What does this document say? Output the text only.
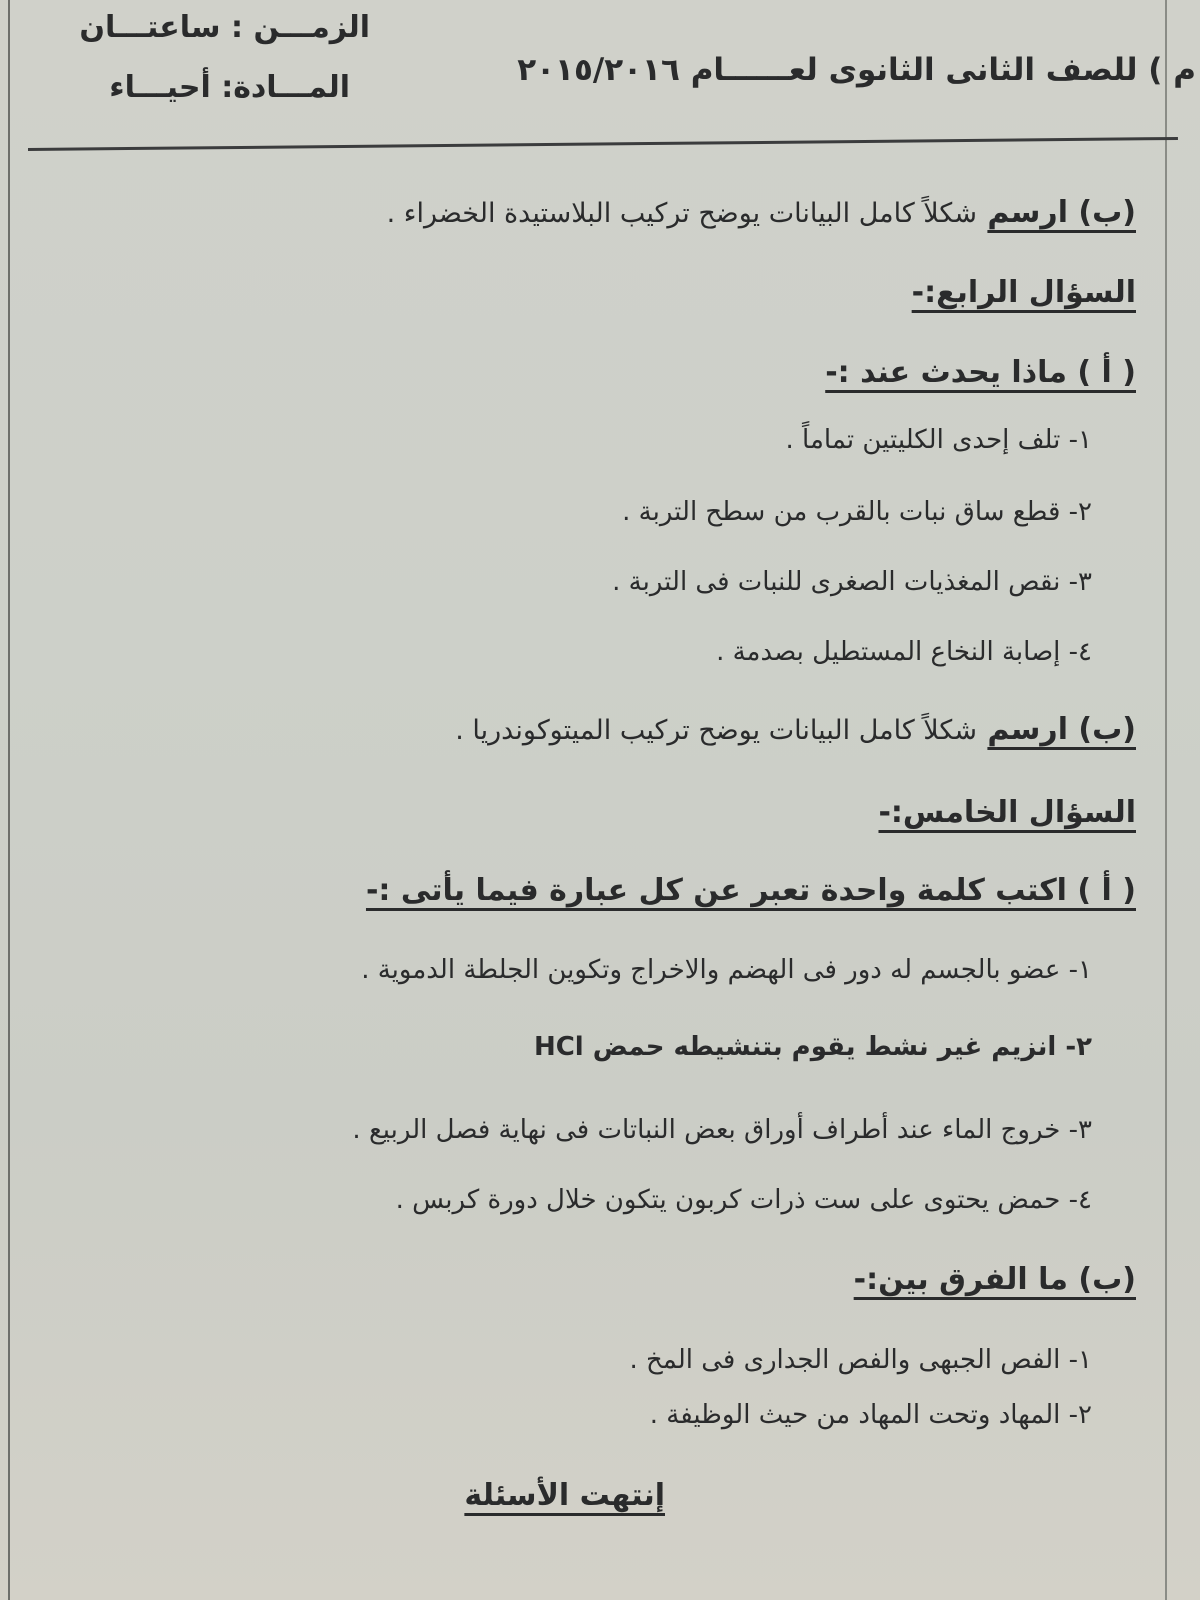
م ) للصف الثانى الثانوى لعــــــام ٢٠١٥/٢٠١٦
الزمـــن : ساعتـــان
المـــادة: أحيـــاء
(ب) ارسم شكلاً كامل البيانات يوضح تركيب البلاستيدة الخضراء .
السؤال الرابع:-
( أ ) ماذا يحدث عند :-
١- تلف إحدى الكليتين تماماً .
٢- قطع ساق نبات بالقرب من سطح التربة .
٣- نقص المغذيات الصغرى للنبات فى التربة .
٤- إصابة النخاع المستطيل بصدمة .
(ب) ارسم شكلاً كامل البيانات يوضح تركيب الميتوكوندريا .
السؤال الخامس:-
( أ ) اكتب كلمة واحدة تعبر عن كل عبارة فيما يأتى :-
١- عضو بالجسم له دور فى الهضم والاخراج وتكوين الجلطة الدموية .
٢- انزيم غير نشط يقوم بتنشيطه حمض HCl
٣- خروج الماء عند أطراف أوراق بعض النباتات فى نهاية فصل الربيع .
٤- حمض يحتوى على ست ذرات كربون يتكون خلال دورة كربس .
(ب) ما الفرق بين:-
١- الفص الجبهى والفص الجدارى فى المخ .
٢- المهاد وتحت المهاد من حيث الوظيفة .
إنتهت الأسئلة
